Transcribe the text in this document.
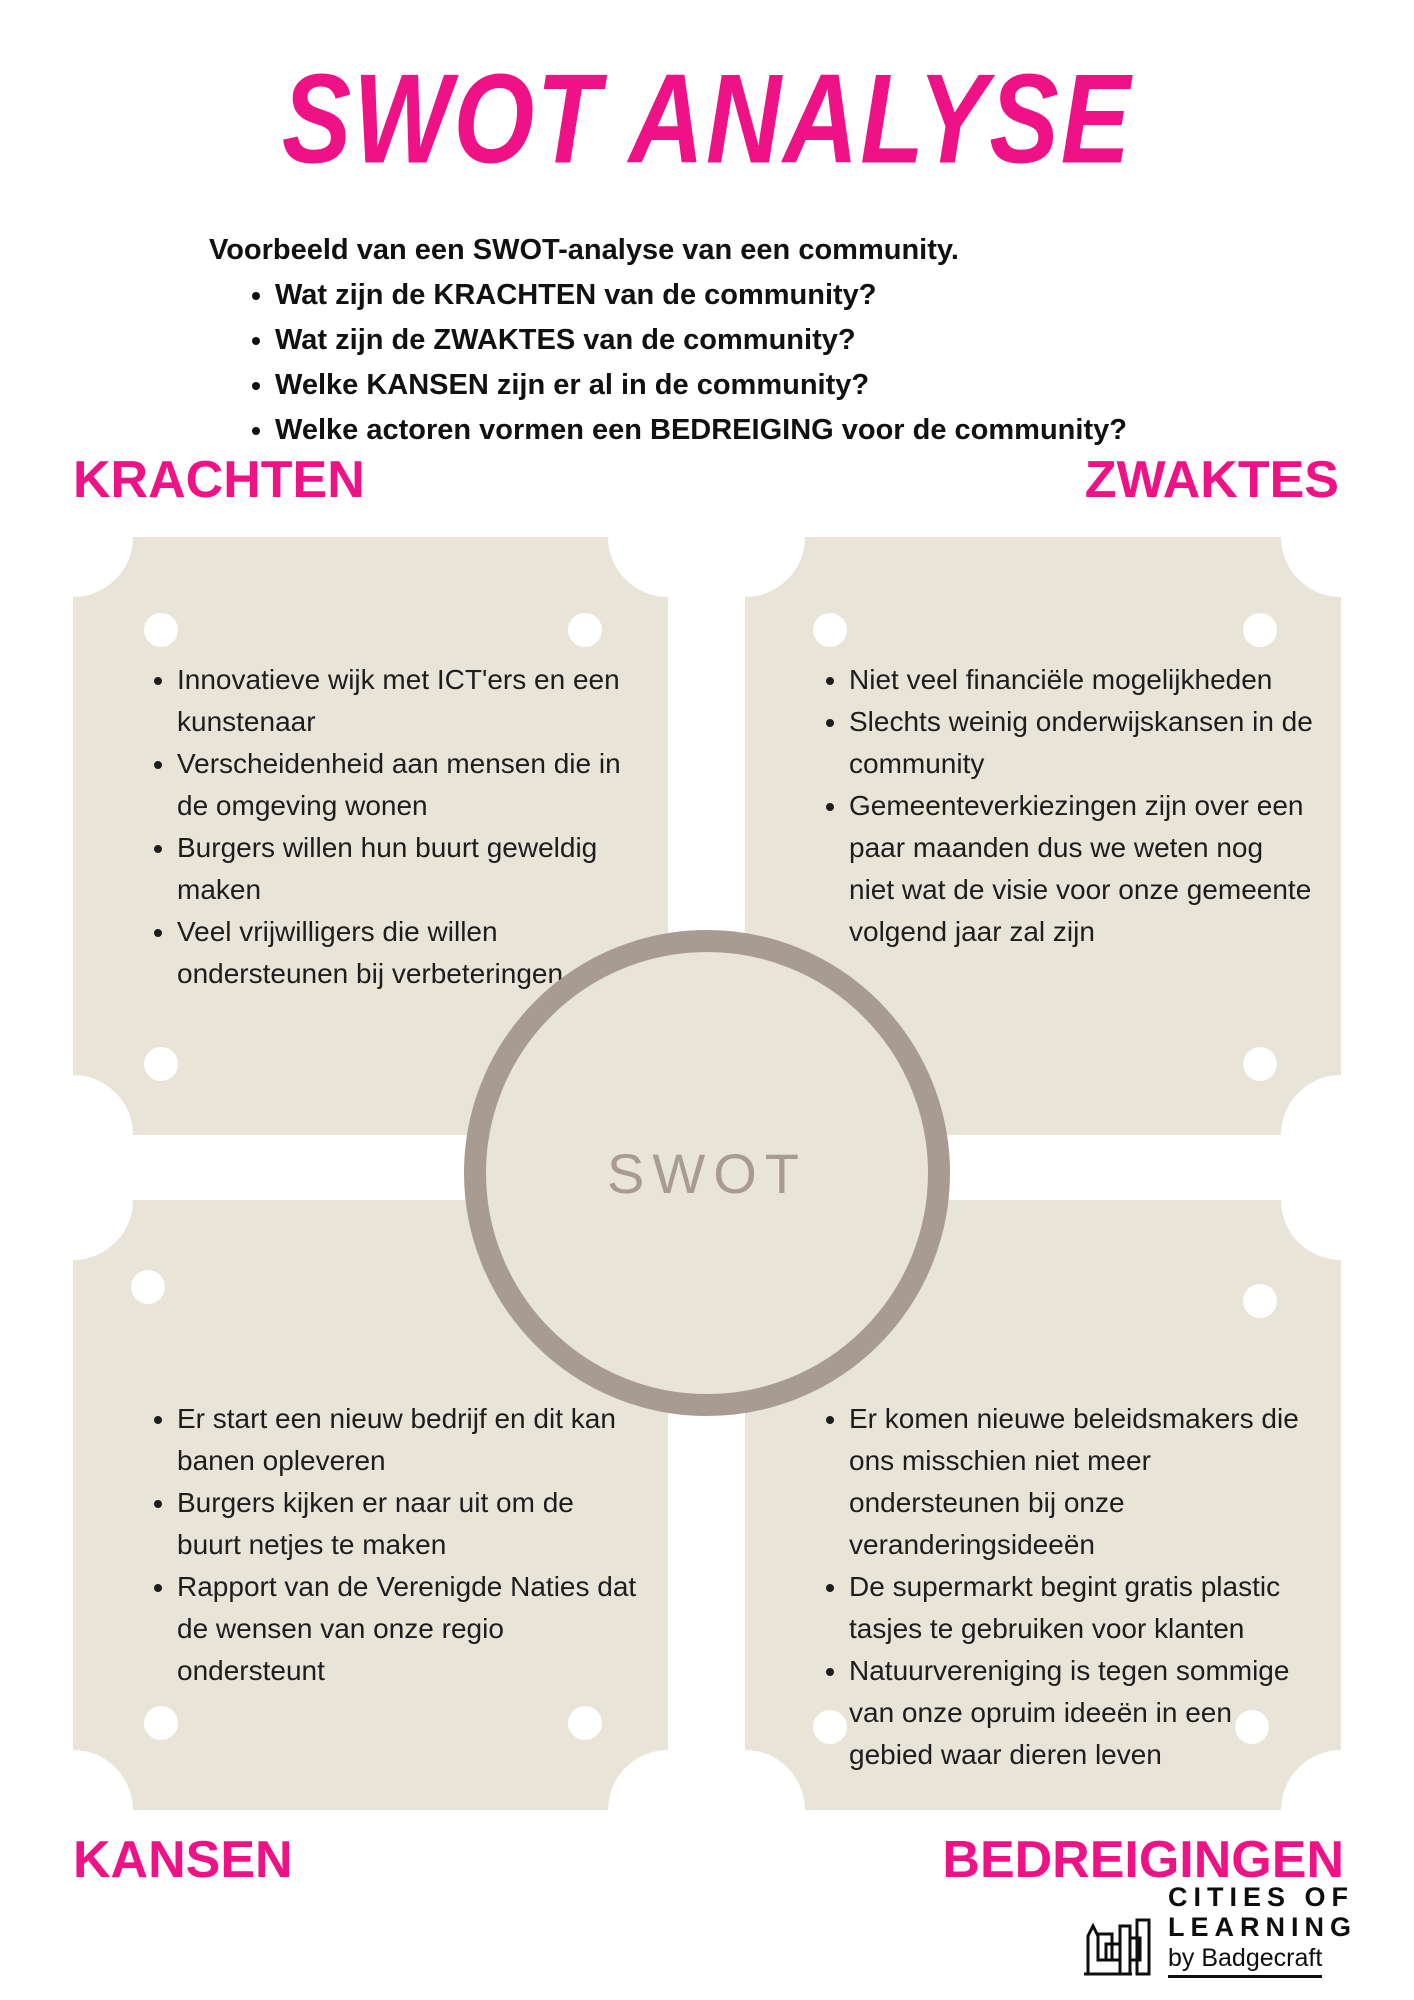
SWOT ANALYSE

Voorbeeld van een SWOT-analyse van een community.

• Wat zijn de KRACHTEN van de community?
• Wat zijn de ZWAKTES van de community?
• Welke KANSEN zijn er al in de community?
• Welke actoren vormen een BEDREIGING voor de community?
KRACHTEN	ZWAKTES
KANSEN	BEDREIGINGEN
• Innovatieve wijk met ICT'ers en een kunstenaar
• Verscheidenheid aan mensen die in de omgeving wonen
• Burgers willen hun buurt geweldig maken
• Veel vrijwilligers die willen ondersteunen bij verbeteringen
• Niet veel financiële mogelijkheden
• Slechts weinig onderwijskansen in de community
• Gemeenteverkiezingen zijn over een paar maanden dus we weten nog niet wat de visie voor onze gemeente volgend jaar zal zijn
• Er start een nieuw bedrijf en dit kan banen opleveren
• Burgers kijken er naar uit om de buurt netjes te maken
• Rapport van de Verenigde Naties dat de wensen van onze regio ondersteunt
• Er komen nieuwe beleidsmakers die ons misschien niet meer ondersteunen bij onze veranderingsideeën
• De supermarkt begint gratis plastic tasjes te gebruiken voor klanten
• Natuurvereniging is tegen sommige van onze opruim ideeën in een gebied waar dieren leven
SWOT
CITIES OF
LEARNING
by Badgecraft
